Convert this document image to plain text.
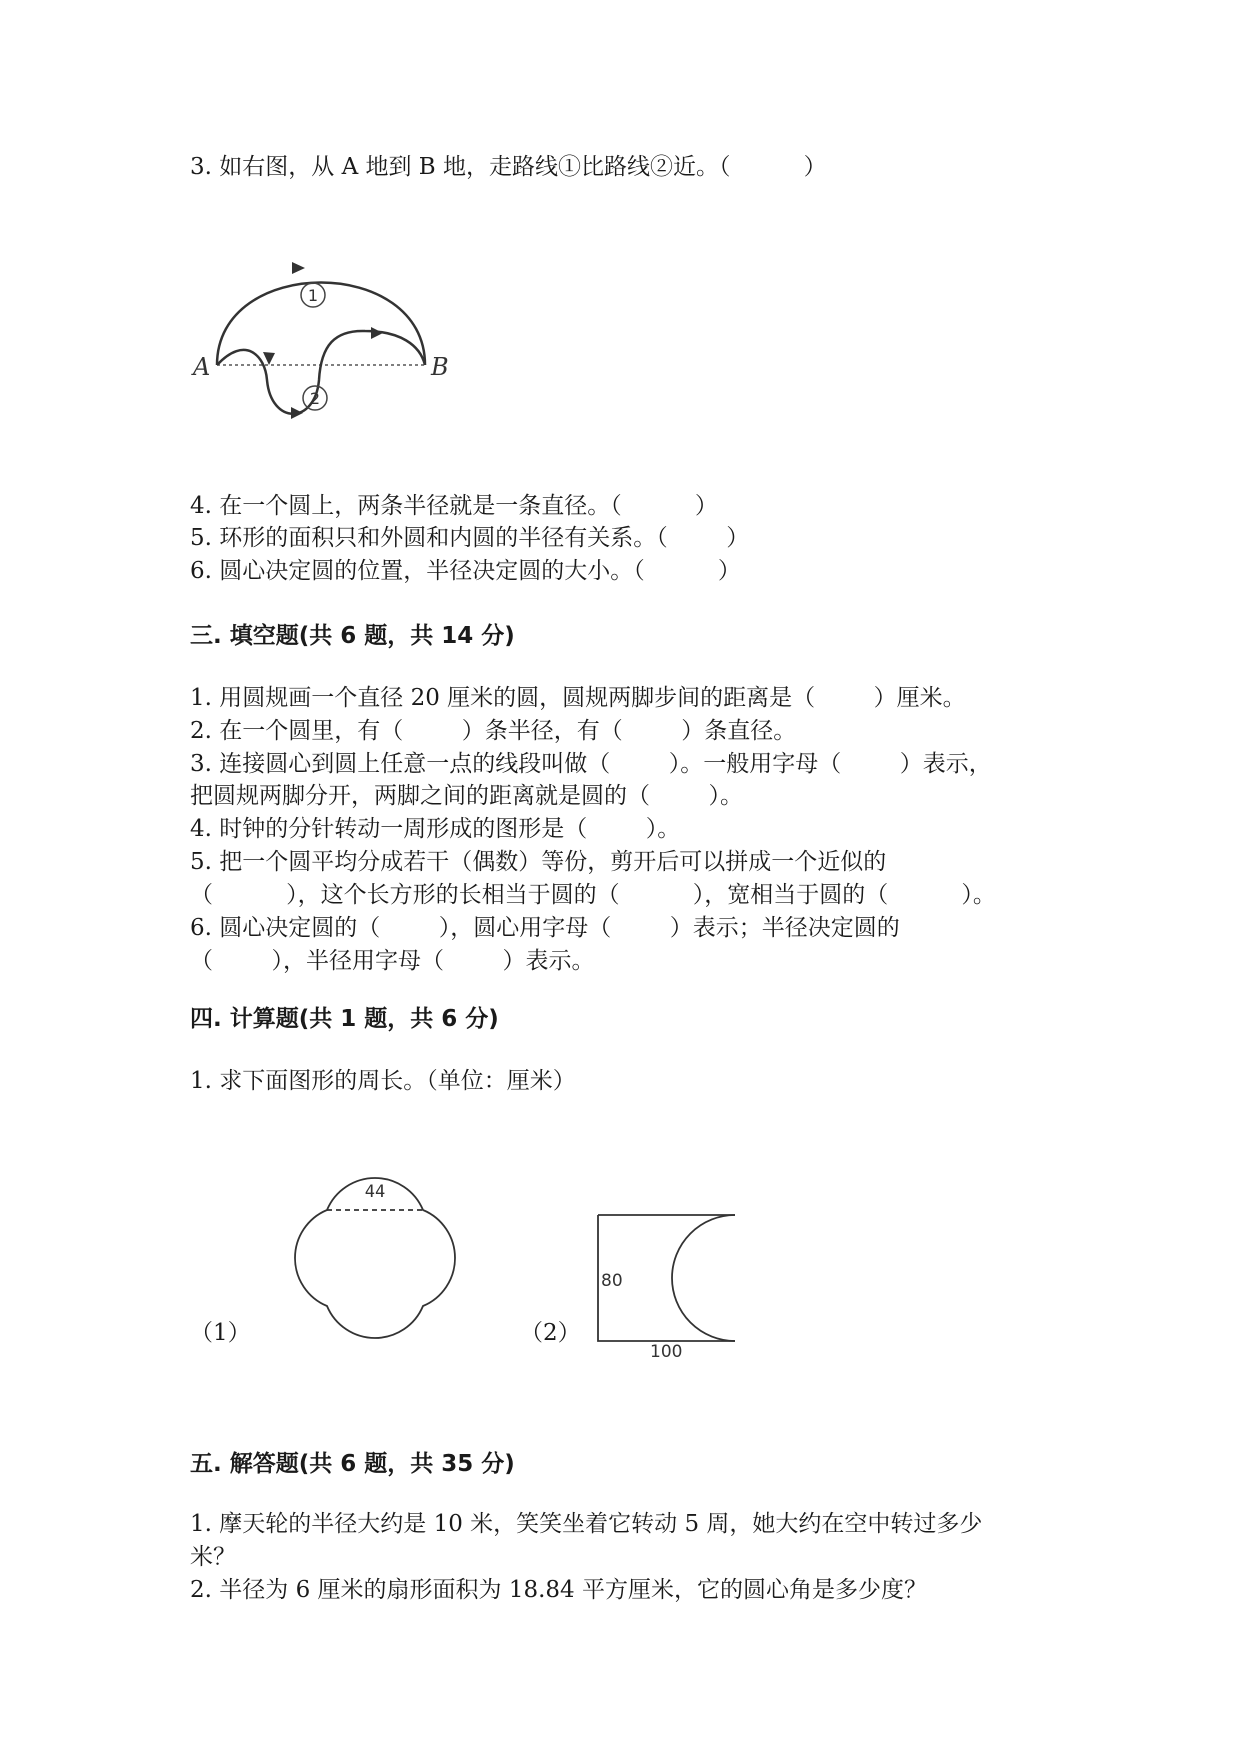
3. 如右图，从 A 地到 B 地，走路线①比路线②近。（          ）
1
2
A	B
4. 在一个圆上，两条半径就是一条直径。（          ）
5. 环形的面积只和外圆和内圆的半径有关系。（        ）
6. 圆心决定圆的位置，半径决定圆的大小。（          ）
三. 填空题(共 6 题，共 14 分)
1. 用圆规画一个直径 20 厘米的圆，圆规两脚步间的距离是（        ）厘米。
2. 在一个圆里，有（        ）条半径，有（        ）条直径。
3. 连接圆心到圆上任意一点的线段叫做（        ）。一般用字母（        ）表示，
把圆规两脚分开，两脚之间的距离就是圆的（        ）。
4. 时钟的分针转动一周形成的图形是（        ）。
5. 把一个圆平均分成若干（偶数）等份，剪开后可以拼成一个近似的
（          ），这个长方形的长相当于圆的（          ），宽相当于圆的（          ）。
6. 圆心决定圆的（        ），圆心用字母（        ）表示；半径决定圆的
（        ），半径用字母（        ）表示。
四. 计算题(共 1 题，共 6 分)
1. 求下面图形的周长。（单位：厘米）
（1）
44
（2）
80
100
五. 解答题(共 6 题，共 35 分)
1. 摩天轮的半径大约是 10 米，笑笑坐着它转动 5 周，她大约在空中转过多少
米？
2. 半径为 6 厘米的扇形面积为 18.84 平方厘米，它的圆心角是多少度？
